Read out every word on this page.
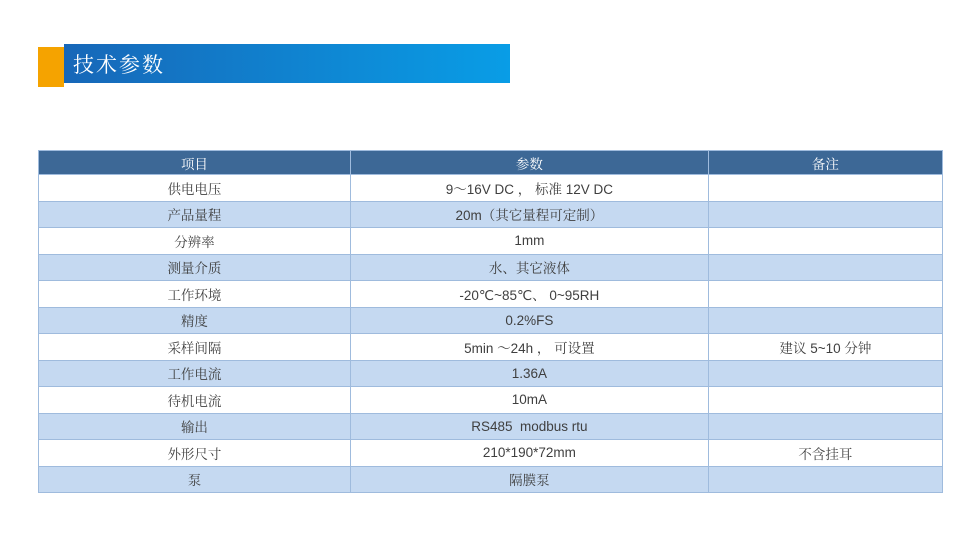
技术参数
项目	参数	备注
供电电压	9～16V DC ， 标准 12V DC	
产品量程	20m（其它量程可定制）	
分辨率	1mm	
测量介质	水、其它液体	
工作环境	-20℃~85℃、 0~95RH	
精度	0.2%FS	
采样间隔	5min ～24h ， 可设置	建议 5~10 分钟
工作电流	1.36A	
待机电流	10mA	
输出	RS485  modbus rtu	
外形尺寸	210*190*72mm	不含挂耳
泵	隔膜泵	
